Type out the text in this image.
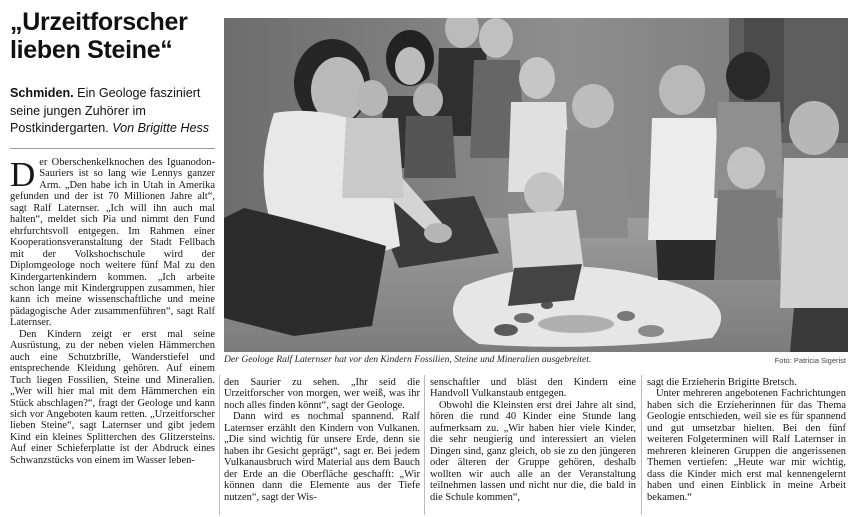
„Urzeitforscher
lieben Steine“
Schmiden. Ein Geologe fasziniert seine jungen Zuhörer im Postkindergarten. Von Brigitte Hess

Der Oberschenkelknochen des Iguanodon-Sauriers ist so lang wie Lennys ganzer Arm. „Den habe ich in Utah in Amerika gefunden und der ist 70 Millionen Jahre alt“, sagt Ralf Laternser. „Ich will ihn auch mal halten“, meldet sich Pia und nimmt den Fund ehrfurchtsvoll entgegen. Im Rahmen einer Kooperationsveranstaltung der Stadt Fellbach mit der Volkshochschule wird der Diplomgeologe noch weitere fünf Mal zu den Kindergartenkindern kommen. „Ich arbeite schon lange mit Kindergruppen zusammen, hier kann ich meine wissenschaftliche und meine pädagogische Ader zusammenführen“, sagt Ralf Laternser.

Den Kindern zeigt er erst mal seine Ausrüstung, zu der neben vielen Hämmerchen auch eine Schutzbrille, Wanderstiefel und entsprechende Kleidung gehören. Auf einem Tuch liegen Fossilien, Steine und Mineralien. „Wer will hier mal mit dem Hämmerchen ein Stück abschlagen?“, fragt der Geologe und kann sich vor Angeboten kaum retten. „Urzeitforscher lieben Steine“, sagt Laternser und gibt jedem Kind ein kleines Splitterchen des Glitzersteins. Auf einer Schieferplatte ist der Abdruck eines Schwanzstücks von einem im Wasser leben-

Der Geologe Ralf Laternser hat vor den Kindern Fossilien, Steine und Mineralien ausgebreitet.	Foto: Patricia Sigerist

den Saurier zu sehen. „Ihr seid die Urzeitforscher von morgen, wer weiß, was ihr noch alles finden könnt“, sagt der Geologe.

Dann wird es nochmal spannend. Ralf Laternser erzählt den Kindern von Vulkanen. „Die sind wichtig für unsere Erde, denn sie haben ihr Gesicht geprägt“, sagt er. Bei jedem Vulkanausbruch wird Material aus dem Bauch der Erde an die Oberfläche geschafft: „Wir können dann die Elemente aus der Tiefe nutzen“, sagt der Wis-

senschaftler und bläst den Kindern eine Handvoll Vulkanstaub entgegen.

Obwohl die Kleinsten erst drei Jahre alt sind, hören die rund 40 Kinder eine Stunde lang aufmerksam zu. „Wir haben hier viele Kinder, die sehr neugierig und interessiert an vielen Dingen sind, ganz gleich, ob sie zu den jüngeren oder älteren der Gruppe gehören, deshalb wollten wir auch alle an der Veranstaltung teilnehmen lassen und nicht nur die, die bald in die Schule kommen“,

sagt die Erzieherin Brigitte Bretsch.

Unter mehreren angebotenen Fachrichtungen haben sich die Erzieherinnen für das Thema Geologie entschieden, weil sie es für spannend und gut umsetzbar hielten. Bei den fünf weiteren Folgeterminen will Ralf Laternser in mehreren kleineren Gruppen die angerissenen Themen vertiefen: „Heute war mir wichtig, dass die Kinder mich erst mal kennengelernt haben und einen Einblick in meine Arbeit bekamen.“
